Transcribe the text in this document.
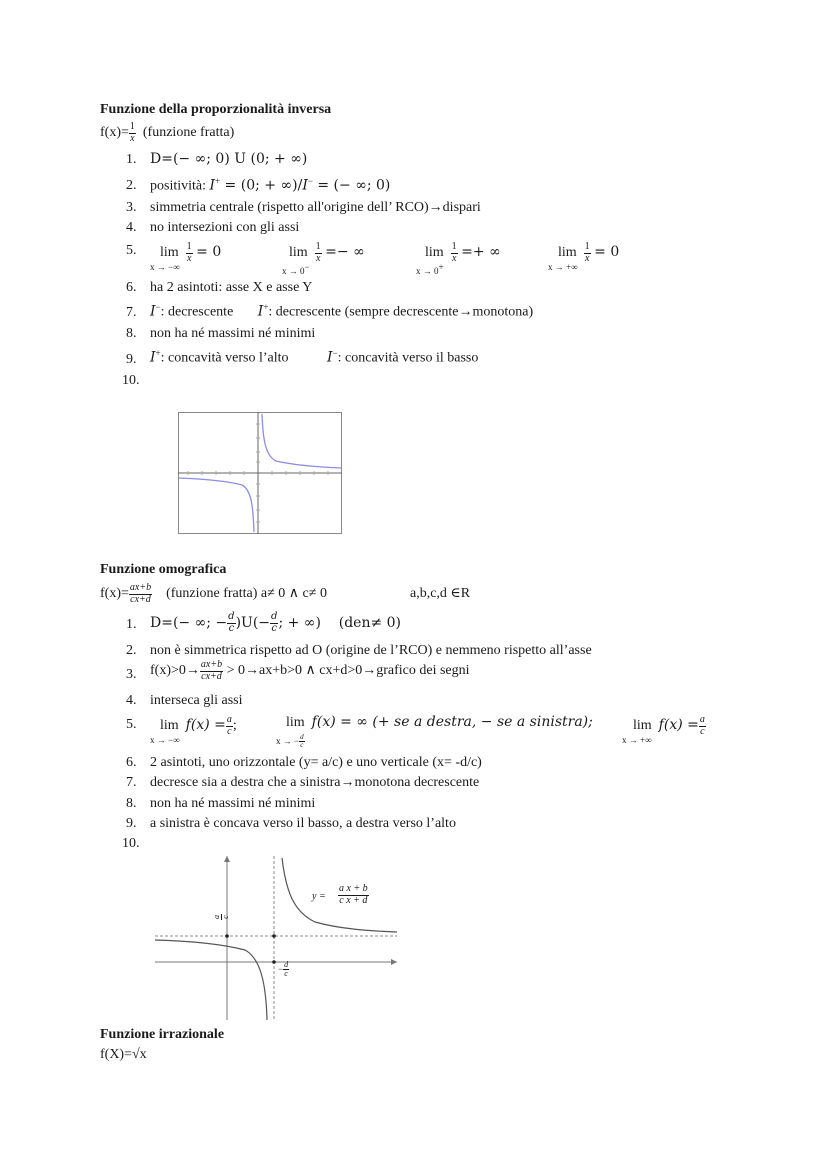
Funzione della proporzionalità inversa
$f(x)= \frac{1}{x}$ (funzione fratta)
1. D=(− ∞; 0) U (0; + ∞)
2. positività: I+ = (0; + ∞)/I− = (− ∞; 0)
3. simmetria centrale (rispetto all'origine dell’ RCO)→dispari
4. no intersezioni con gli assi
5. $\lim \frac{1}{x} = 0$
x → −∞
$\lim \frac{1}{x}$ =− ∞
x → 0−
$\lim \frac{1}{x}$ =+ ∞
x → 0+
$\lim \frac{1}{x} = 0$
x → +∞
6. ha 2 asintoti: asse X e asse Y
7. I−: decrescente I+: decrescente (sempre decrescente→monotona)
8. non ha né massimi né minimi
9. I+: concavità verso l’alto	I−: concavità verso il basso
10.
Funzione omografica
$f(x)= \frac{ax+b}{cx+d}$ (funzione fratta) a≠ 0 ∧ c≠ 0	a,b,c,d ∈R
1. D=(− ∞; − $\frac{d}{c} )U(- \frac{d}{c}$ ; + ∞) (den≠ 0)
2. non è simmetrica rispetto ad O (origine de l’RCO) e nemmeno rispetto all’asse
3. $f(x)>0\to \frac{ax+b}{cx+d} > 0\to ax+b>0$ ∧ cx+d>0→grafico dei segni
4. interseca gli assi
5. $\lim f(x) = \frac{a}{c}$ ;
x → −∞
lim f(x) = ∞ (+ se a destra, − se a sinistra);
x → − $\frac{d}{c}$
$\lim f(x) = \frac{a}{c}$
x → +∞
6. 2 asintoti, uno orizzontale (y= a/c) e uno verticale (x= -d/c)
7. decresce sia a destra che a sinistra→monotona decrescente
8. non ha né massimi né minimi
9. a sinistra è concava verso il basso, a destra verso l’alto
10.
$y = \frac{\text{a x + b}}{\text{c x + d}}$
a c
− $\frac{d}{c}$
Funzione irrazionale
f(X)=√x
